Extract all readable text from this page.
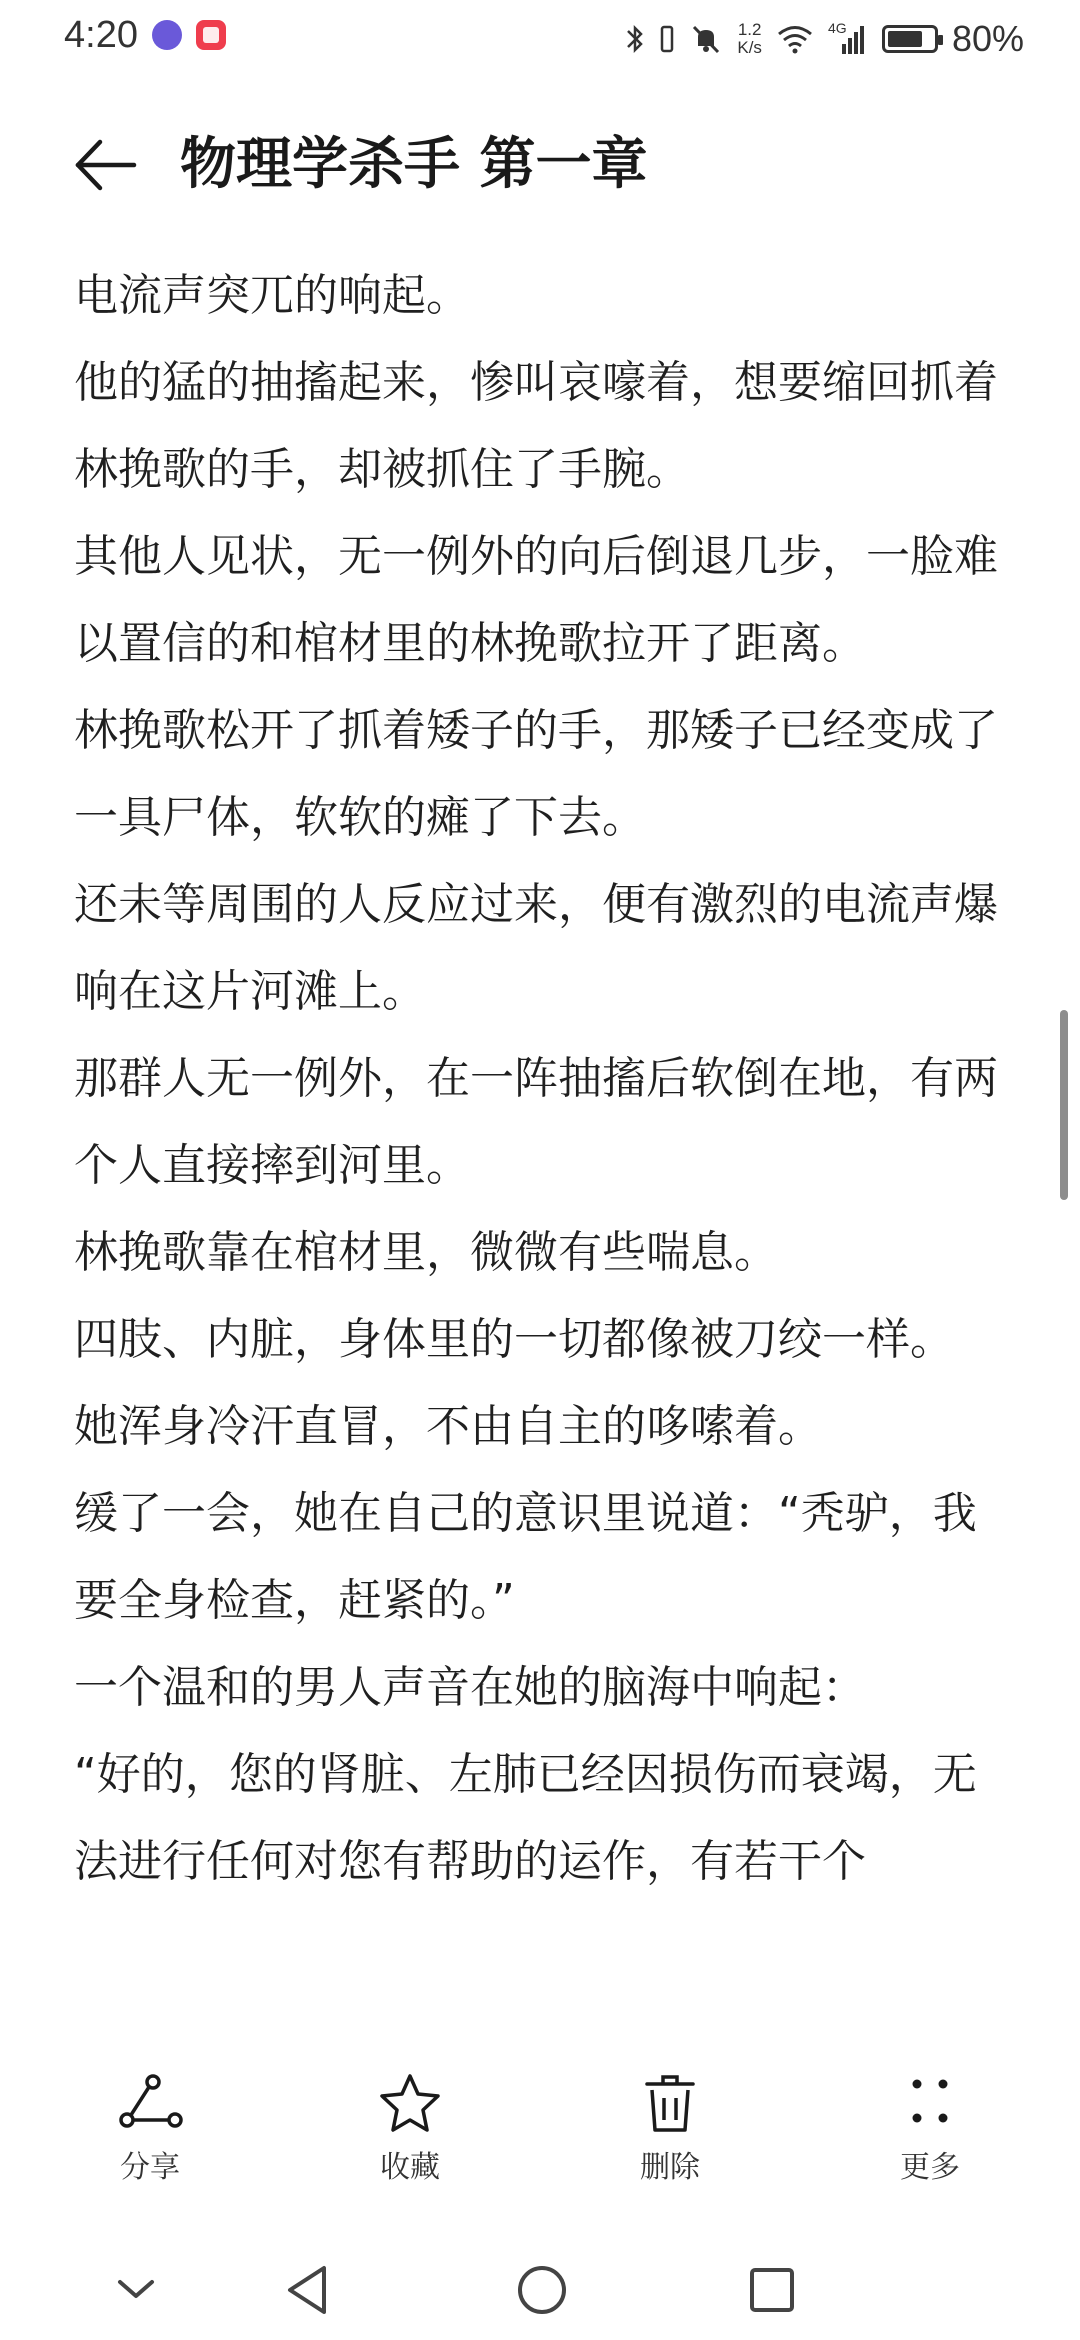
4:20	1.2
K/s
4G	80%
物理学杀手 第一章

电流声突兀的响起。

他的猛的抽搐起来，惨叫哀嚎着，想要缩回抓着林挽歌的手，却被抓住了手腕。

其他人见状，无一例外的向后倒退几步，一脸难以置信的和棺材里的林挽歌拉开了距离。

林挽歌松开了抓着矮子的手，那矮子已经变成了一具尸体，软软的瘫了下去。

还未等周围的人反应过来，便有激烈的电流声爆响在这片河滩上。

那群人无一例外，在一阵抽搐后软倒在地，有两个人直接摔到河里。

林挽歌靠在棺材里，微微有些喘息。

四肢、内脏，身体里的一切都像被刀绞一样。

她浑身冷汗直冒，不由自主的哆嗦着。

缓了一会，她在自己的意识里说道：“秃驴，我要全身检查，赶紧的。”

一个温和的男人声音在她的脑海中响起：

“好的，您的肾脏、左肺已经因损伤而衰竭，无法进行任何对您有帮助的运作，有若干个

分享	收藏	删除	更多
